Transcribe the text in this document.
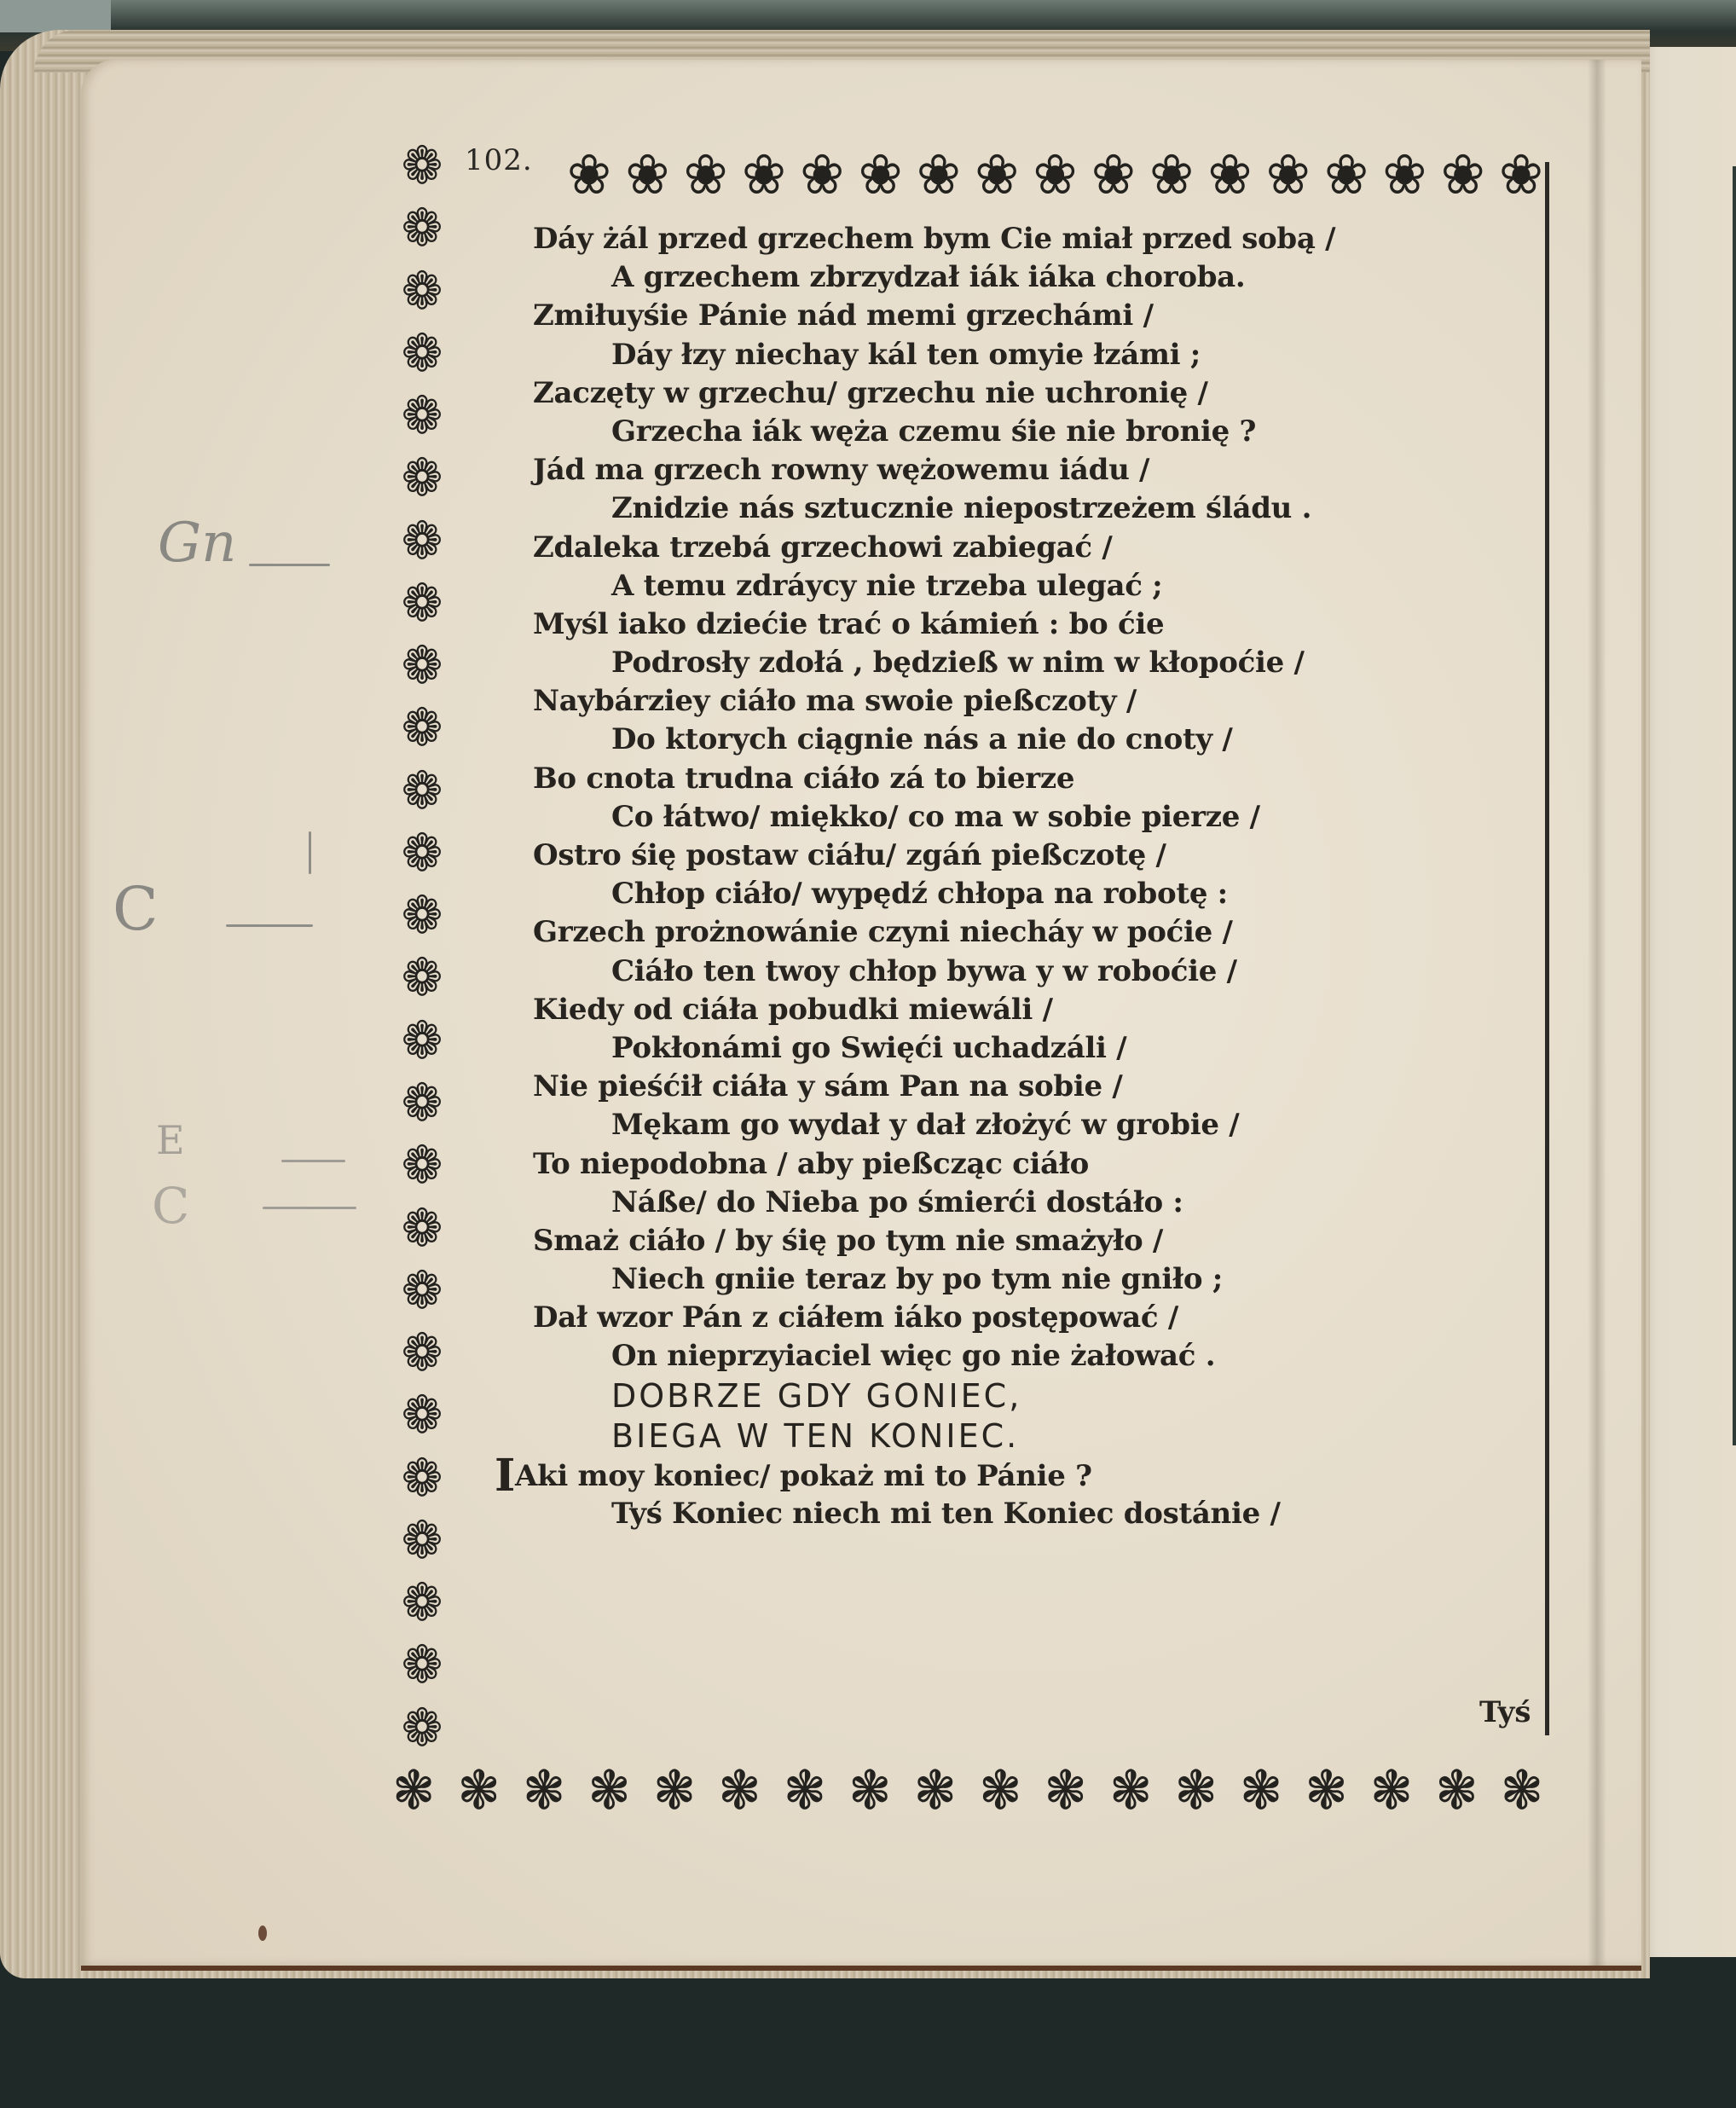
Gn
C
E
C
102. ❀ ❀ ❀ ❀ ❀ ❀ ❀ ❀ ❀ ❀ ❀ ❀ ❀ ❀ ❀ ❀ ❀
❁
❁
❁
❁
❁
❁
❁
❁
❁
❁
❁
❁
❁
❁
❁
❁
❁
❁
❁
❁
❁
❁
❁
❁
❁
❁
❃ ❃ ❃ ❃ ❃ ❃ ❃ ❃ ❃ ❃ ❃ ❃ ❃ ❃ ❃ ❃ ❃ ❃
Dáy żál przed grzechem bym Cie miał przed sobą /
A grzechem zbrzydzał iák iáka choroba.
Zmiłuyśie Pánie nád memi grzechámi /
Dáy łzy niechay kál ten omyie łzámi ;
Zaczęty w grzechu/ grzechu nie uchronię /
Grzecha iák węża czemu śie nie bronię ?
Jád ma grzech rowny wężowemu iádu /
Znidzie nás sztucznie niepostrzeżem śládu .
Zdaleka trzebá grzechowi zabiegać /
A temu zdráycy nie trzeba ulegać ;
Myśl iako dziećie trać o kámień : bo ćie
Podrosły zdołá , będzieß w nim w kłopoćie /
Naybárziey ciáło ma swoie pießczoty /
Do ktorych ciągnie nás a nie do cnoty /
Bo cnota trudna ciáło zá to bierze
Co łátwo/ miękko/ co ma w sobie pierze /
Ostro śię postaw ciáłu/ zgáń pießczotę /
Chłop ciáło/ wypędź chłopa na robotę :
Grzech prożnowánie czyni niecháy w poćie /
Ciáło ten twoy chłop bywa y w roboćie /
Kiedy od ciáła pobudki miewáli /
Pokłonámi go Swięći uchadzáli /
Nie pieśćił ciáła y sám Pan na sobie /
Mękam go wydał y dał złożyć w grobie /
To niepodobna / aby pießcząc ciáło
Náße/ do Nieba po śmierći dostáło :
Smaż ciáło / by śię po tym nie smażyło /
Niech gniie teraz by po tym nie gniło ;
Dał wzor Pán z ciáłem iáko postępować /
On nieprzyiaciel więc go nie żałować .
DOBRZE GDY GONIEC,
BIEGA W TEN KONIEC.
IAki moy koniec/ pokaż mi to Pánie ?
Tyś Koniec niech mi ten Koniec dostánie /
Tyś
